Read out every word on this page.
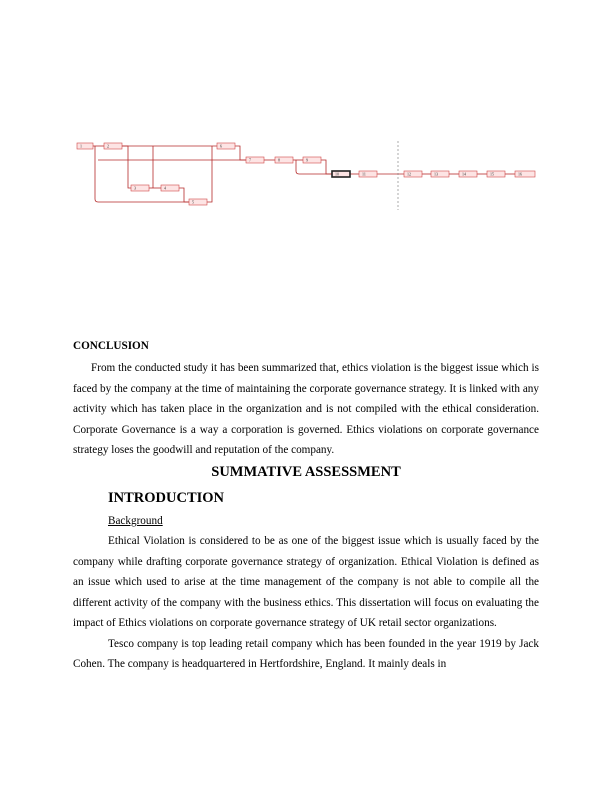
1	2
3	4
5
6
7	8	9
10	11	12	13	14	15	16
CONCLUSION

From the conducted study it has been summarized that, ethics violation is the biggest issue which is faced by the company at the time of maintaining the corporate governance strategy. It is linked with any activity which has taken place in the organization and is not compiled with the ethical consideration. Corporate Governance is a way a corporation is governed. Ethics violations on corporate governance strategy loses the goodwill and reputation of the company.

SUMMATIVE ASSESSMENT
INTRODUCTION
Background

Ethical Violation is considered to be as one of the biggest issue which is usually faced by the company while drafting corporate governance strategy of organization. Ethical Violation is defined as an issue which used to arise at the time management of the company is not able to compile all the different activity of the company with the business ethics. This dissertation will focus on evaluating the impact of Ethics violations on corporate governance strategy of UK retail sector organizations.

Tesco company is top leading retail company which has been founded in the year 1919 by Jack Cohen. The company is headquartered in Hertfordshire, England. It mainly deals in
